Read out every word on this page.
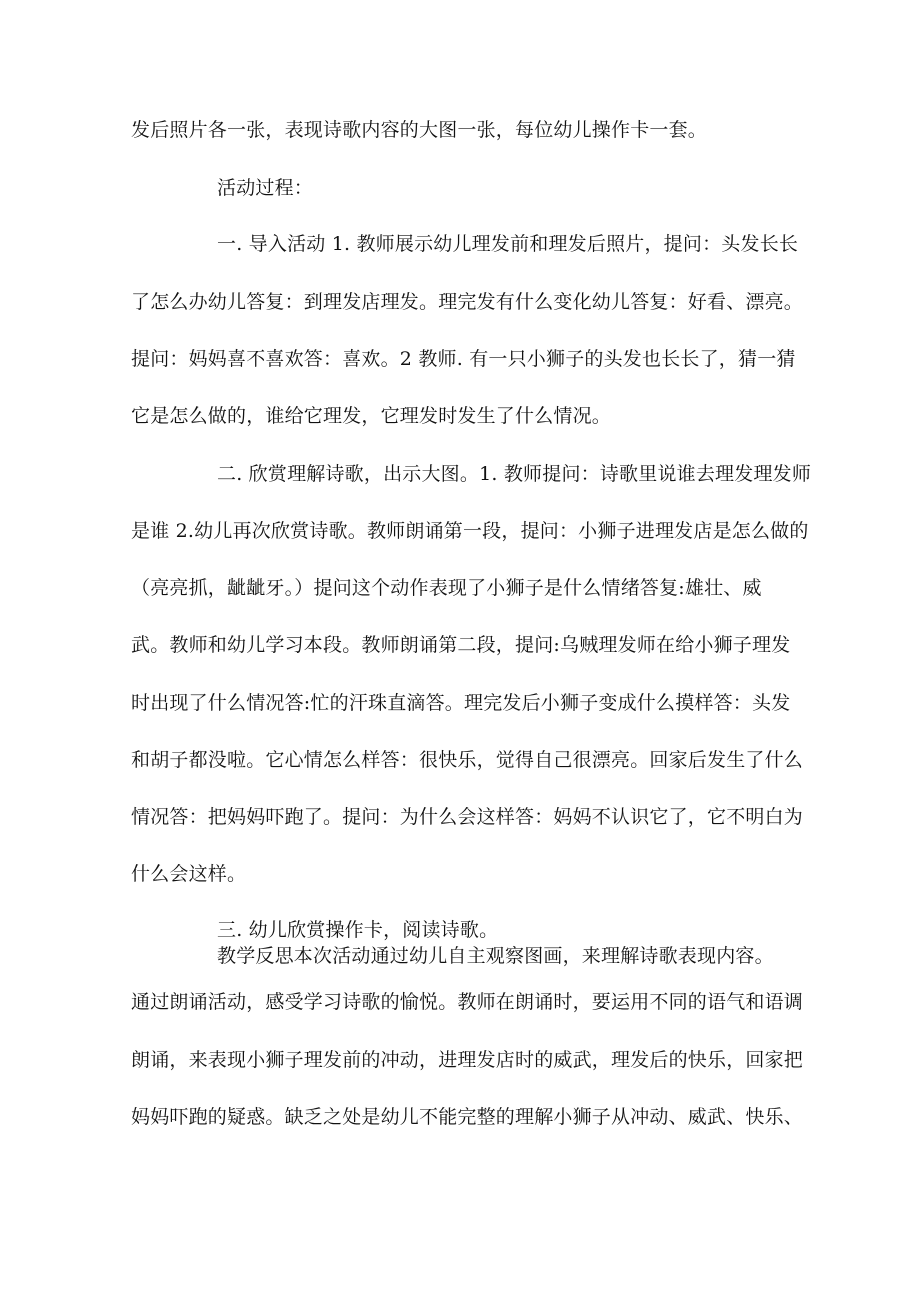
发后照片各一张，表现诗歌内容的大图一张，每位幼儿操作卡一套。
活动过程：
一. 导入活动 1. 教师展示幼儿理发前和理发后照片，提问：头发长长
了怎么办幼儿答复：到理发店理发。理完发有什么变化幼儿答复：好看、漂亮。
提问：妈妈喜不喜欢答：喜欢。2 教师. 有一只小狮子的头发也长长了，猜一猜
它是怎么做的，谁给它理发，它理发时发生了什么情况。
二. 欣赏理解诗歌，出示大图。1. 教师提问：诗歌里说谁去理发理发师
是谁 2.幼儿再次欣赏诗歌。教师朗诵第一段，提问：小狮子进理发店是怎么做的
（亮亮抓，龇龇牙。）提问这个动作表现了小狮子是什么情绪答复:雄壮、威
武。教师和幼儿学习本段。教师朗诵第二段，提问:乌贼理发师在给小狮子理发
时出现了什么情况答:忙的汗珠直滴答。理完发后小狮子变成什么摸样答：头发
和胡子都没啦。它心情怎么样答：很快乐，觉得自己很漂亮。回家后发生了什么
情况答：把妈妈吓跑了。提问：为什么会这样答：妈妈不认识它了，它不明白为
什么会这样。
三. 幼儿欣赏操作卡，阅读诗歌。
教学反思本次活动通过幼儿自主观察图画，来理解诗歌表现内容。
通过朗诵活动，感受学习诗歌的愉悦。教师在朗诵时，要运用不同的语气和语调
朗诵，来表现小狮子理发前的冲动，进理发店时的威武，理发后的快乐，回家把
妈妈吓跑的疑惑。缺乏之处是幼儿不能完整的理解小狮子从冲动、威武、快乐、
